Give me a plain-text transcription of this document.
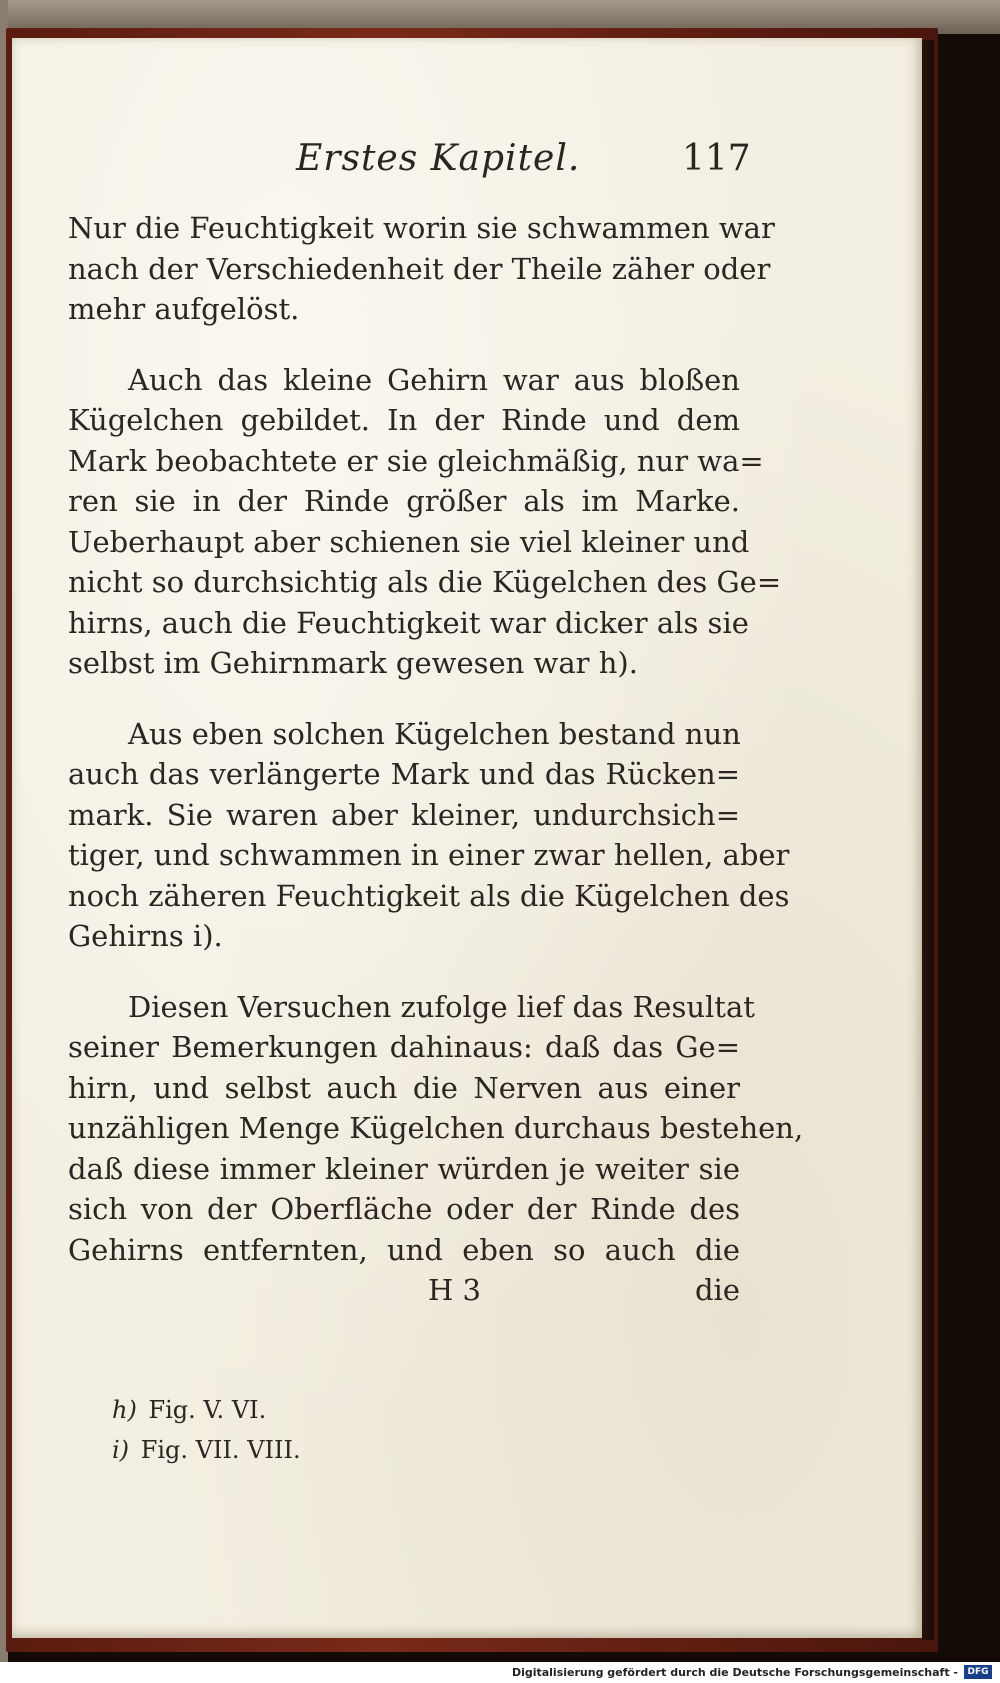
Erstes Kapitel.	117
Nur die Feuchtigkeit worin sie schwammen war
nach der Verschiedenheit der Theile zäher oder
mehr aufgelöst.
Auch das kleine Gehirn war aus bloßen
Kügelchen gebildet. In der Rinde und dem
Mark beobachtete er sie gleichmäßig, nur wa=
ren sie in der Rinde größer als im Marke.
Ueberhaupt aber schienen sie viel kleiner und
nicht so durchsichtig als die Kügelchen des Ge=
hirns, auch die Feuchtigkeit war dicker als sie
selbst im Gehirnmark gewesen war h).
Aus eben solchen Kügelchen bestand nun
auch das verlängerte Mark und das Rücken=
mark. Sie waren aber kleiner, undurchsich=
tiger, und schwammen in einer zwar hellen, aber
noch zäheren Feuchtigkeit als die Kügelchen des
Gehirns i).
Diesen Versuchen zufolge lief das Resultat
seiner Bemerkungen dahinaus: daß das Ge=
hirn, und selbst auch die Nerven aus einer
unzähligen Menge Kügelchen durchaus bestehen,
daß diese immer kleiner würden je weiter sie
sich von der Oberfläche oder der Rinde des
Gehirns entfernten, und eben so auch die
H 3	die
h) Fig. V. VI.
i) Fig. VII. VIII.
Digitalisierung gefördert durch die Deutsche Forschungsgemeinschaft -	DFG
